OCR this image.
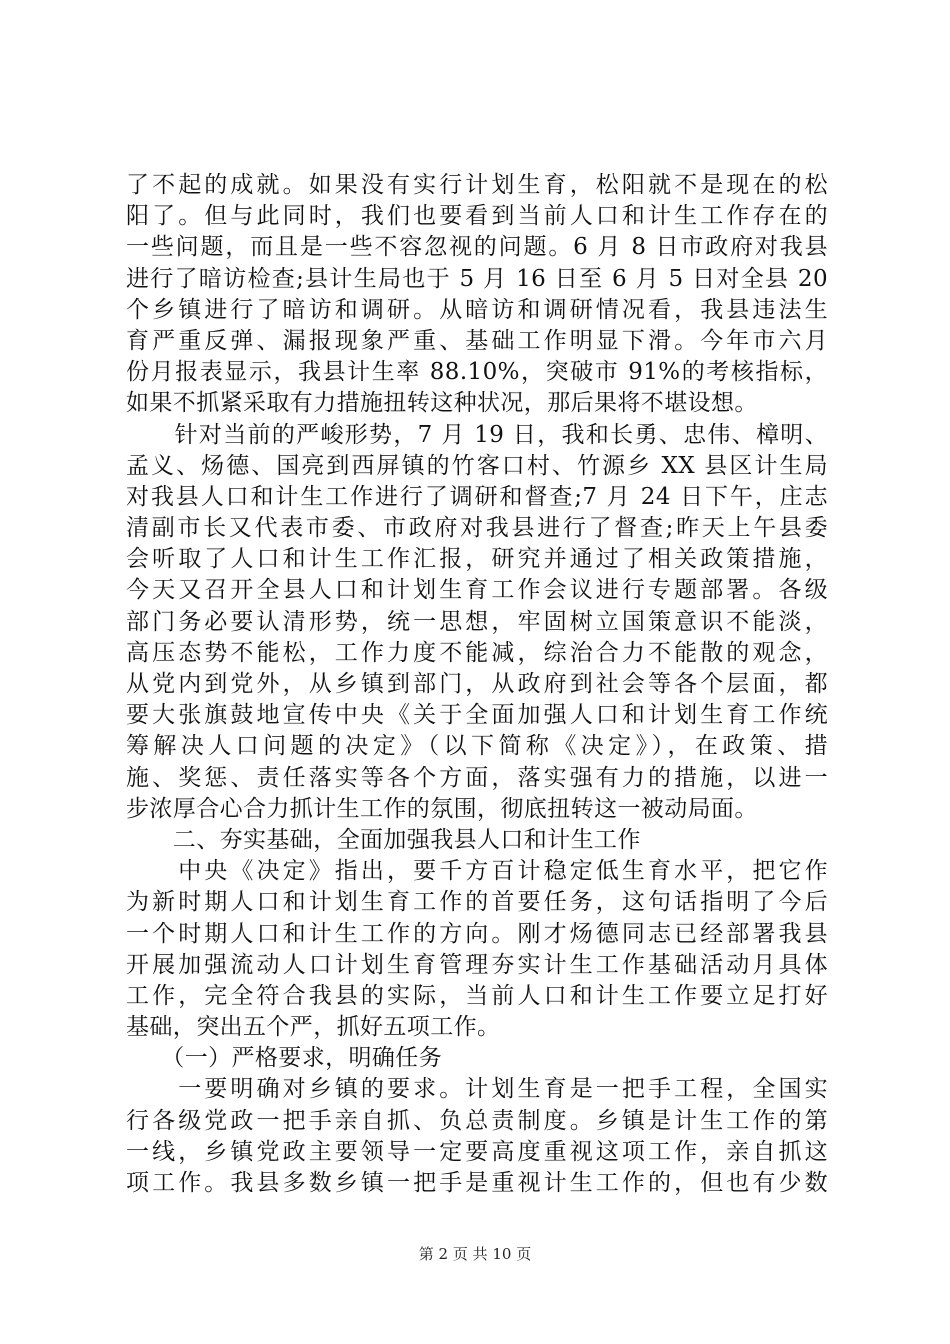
了不起的成就。如果没有实行计划生育，松阳就不是现在的松
阳了。但与此同时，我们也要看到当前人口和计生工作存在的
一些问题，而且是一些不容忽视的问题。6 月 8 日市政府对我县
进行了暗访检查;县计生局也于 5 月 16 日至 6 月 5 日对全县 20
个乡镇进行了暗访和调研。从暗访和调研情况看，我县违法生
育严重反弹、漏报现象严重、基础工作明显下滑。今年市六月
份月报表显示，我县计生率 88.10%，突破市 91%的考核指标，
如果不抓紧采取有力措施扭转这种状况，那后果将不堪设想。
　　针对当前的严峻形势，7 月 19 日，我和长勇、忠伟、樟明、
孟义、炀德、国亮到西屏镇的竹客口村、竹源乡 XX 县区计生局
对我县人口和计生工作进行了调研和督查;7 月 24 日下午，庄志
清副市长又代表市委、市政府对我县进行了督查;昨天上午县委
会听取了人口和计生工作汇报，研究并通过了相关政策措施，
今天又召开全县人口和计划生育工作会议进行专题部署。各级
部门务必要认清形势，统一思想，牢固树立国策意识不能淡，
高压态势不能松，工作力度不能减，综治合力不能散的观念，
从党内到党外，从乡镇到部门，从政府到社会等各个层面，都
要大张旗鼓地宣传中央《关于全面加强人口和计划生育工作统
筹解决人口问题的决定》（以下简称《决定》），在政策、措
施、奖惩、责任落实等各个方面，落实强有力的措施，以进一
步浓厚合心合力抓计生工作的氛围，彻底扭转这一被动局面。
　　二、夯实基础，全面加强我县人口和计生工作
　　中央《决定》指出，要千方百计稳定低生育水平，把它作
为新时期人口和计划生育工作的首要任务，这句话指明了今后
一个时期人口和计生工作的方向。刚才炀德同志已经部署我县
开展加强流动人口计划生育管理夯实计生工作基础活动月具体
工作，完全符合我县的实际，当前人口和计生工作要立足打好
基础，突出五个严，抓好五项工作。
　　（一）严格要求，明确任务
　　一要明确对乡镇的要求。计划生育是一把手工程，全国实
行各级党政一把手亲自抓、负总责制度。乡镇是计生工作的第
一线，乡镇党政主要领导一定要高度重视这项工作，亲自抓这
项工作。我县多数乡镇一把手是重视计生工作的，但也有少数
第 2 页 共 10 页
